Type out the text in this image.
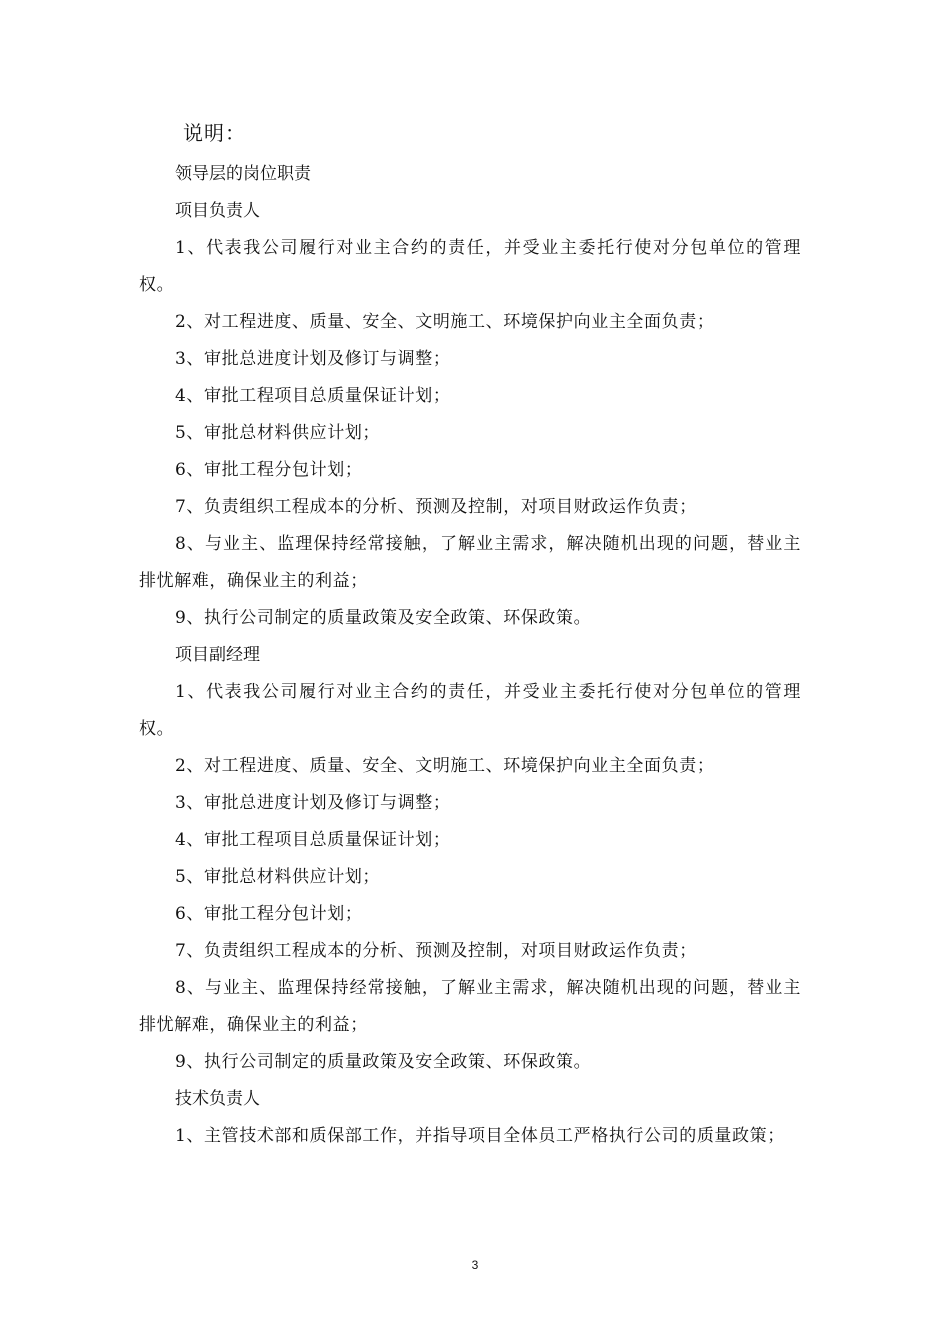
说明：

领导层的岗位职责

项目负责人

1、代表我公司履行对业主合约的责任，并受业主委托行使对分包单位的管理权。

2、对工程进度、质量、安全、文明施工、环境保护向业主全面负责；

3、审批总进度计划及修订与调整；

4、审批工程项目总质量保证计划；

5、审批总材料供应计划；

6、审批工程分包计划；

7、负责组织工程成本的分析、预测及控制，对项目财政运作负责；

8、与业主、监理保持经常接触，了解业主需求，解决随机出现的问题，替业主排忧解难，确保业主的利益；

9、执行公司制定的质量政策及安全政策、环保政策。

项目副经理

1、代表我公司履行对业主合约的责任，并受业主委托行使对分包单位的管理权。

2、对工程进度、质量、安全、文明施工、环境保护向业主全面负责；

3、审批总进度计划及修订与调整；

4、审批工程项目总质量保证计划；

5、审批总材料供应计划；

6、审批工程分包计划；

7、负责组织工程成本的分析、预测及控制，对项目财政运作负责；

8、与业主、监理保持经常接触，了解业主需求，解决随机出现的问题，替业主排忧解难，确保业主的利益；

9、执行公司制定的质量政策及安全政策、环保政策。

技术负责人

1、主管技术部和质保部工作，并指导项目全体员工严格执行公司的质量政策；

3
